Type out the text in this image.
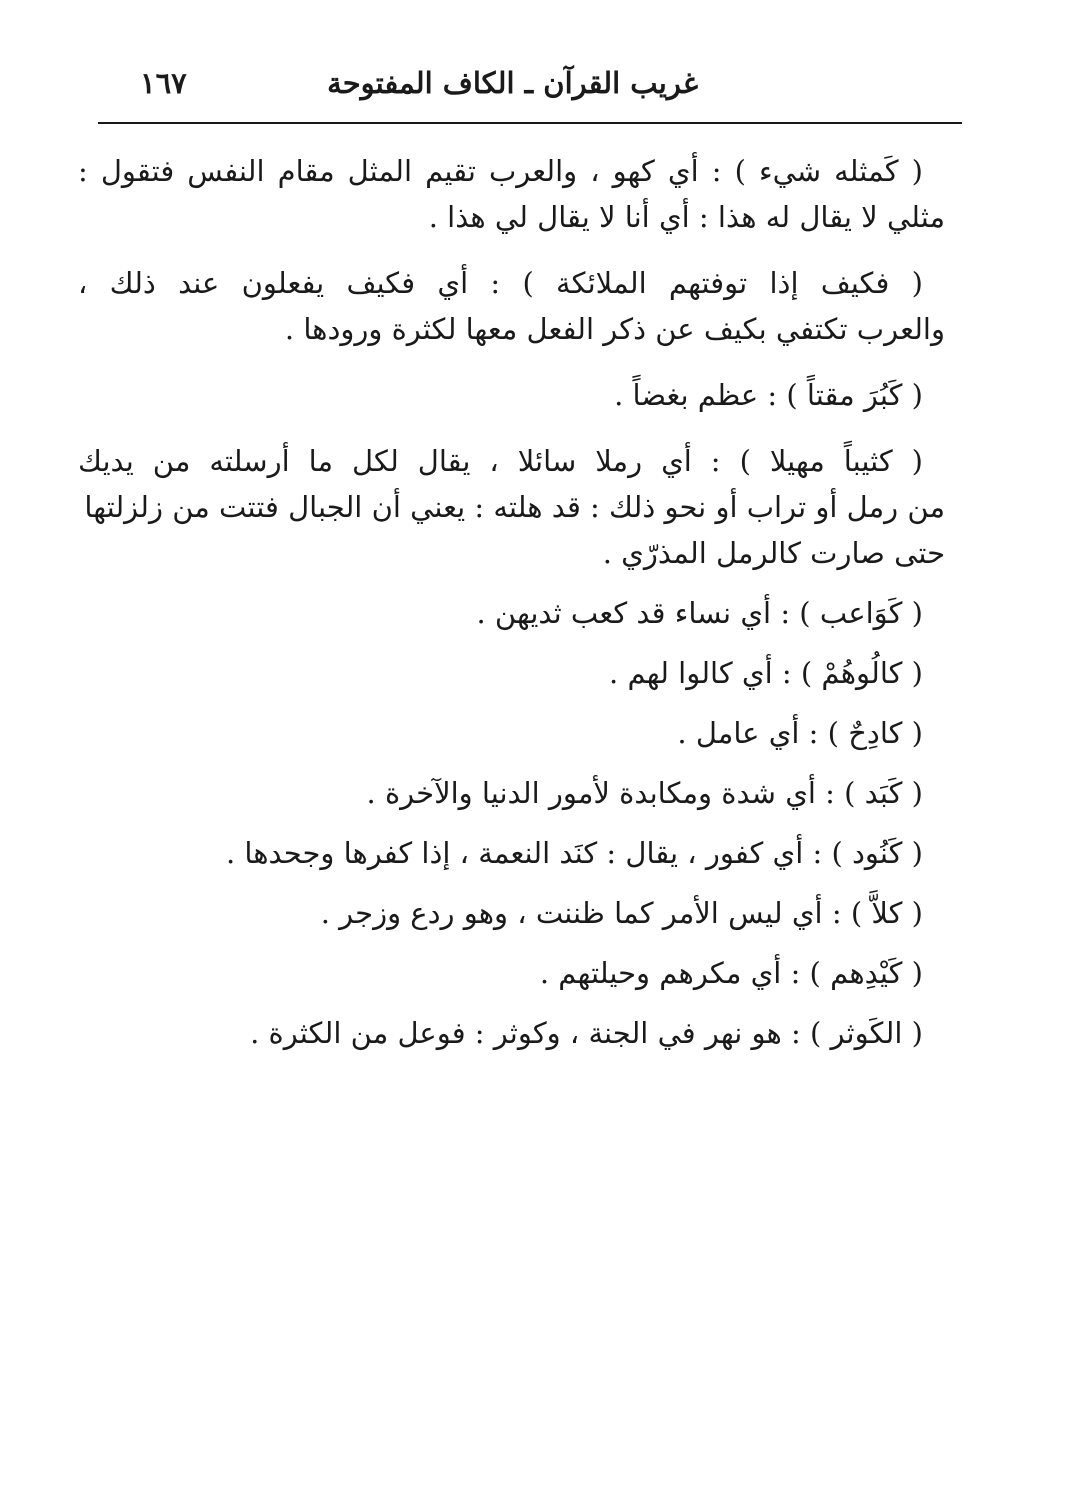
غريب القرآن ـ الكاف المفتوحة
١٦٧
( كَمثله شيء ) : أي كهو ، والعرب تقيم المثل مقام النفس فتقول :
مثلي لا يقال له هذا : أي أنا لا يقال لي هذا .
( فكيف إذا توفتهم الملائكة ) : أي فكيف يفعلون عند ذلك ،
والعرب تكتفي بكيف عن ذكر الفعل معها لكثرة ورودها .
( كَبُرَ مقتاً ) : عظم بغضاً .
( كثيباً مهيلا ) : أي رملا سائلا ، يقال لكل ما أرسلته من يديك
من رمل أو تراب أو نحو ذلك : قد هلته : يعني أن الجبال فتتت من زلزلتها
حتى صارت كالرمل المذرّي .
( كَوَاعب ) : أي نساء قد كعب ثديهن .
( كالُوهُمْ ) : أي كالوا لهم .
( كادِحٌ ) : أي عامل .
( كَبَد ) : أي شدة ومكابدة لأمور الدنيا والآخرة .
( كَنُود ) : أي كفور ، يقال : كنَد النعمة ، إذا كفرها وجحدها .
( كلاَّ ) : أي ليس الأمر كما ظننت ، وهو ردع وزجر .
( كَيْدِهم ) : أي مكرهم وحيلتهم .
( الكَوثر ) : هو نهر في الجنة ، وكوثر : فوعل من الكثرة .
